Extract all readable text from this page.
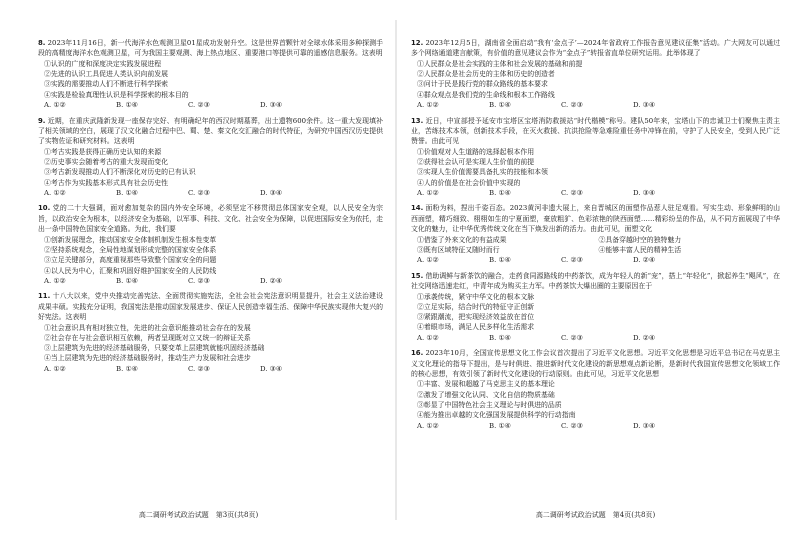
8. 2023年11月16日，新一代海洋水色观测卫星01星成功发射升空。这是世界首颗针对全球水体采用多种探测手段的高精度海洋水色观测卫星，可为我国主要观测、海上热点地区、重要港口等提供可靠的遥感信息服务。这表明
①认识的广度和深度决定实践发展进程
②先进的认识工具促进人类认识向前发展
③实践的需要推动人们不断进行科学探索
④实践是检验真理性认识是科学探索的根本目的
A. ①②	B. ①④	C. ②③	D. ③④
9. 近期，在重庆武隆新发现一座保存完好、有明确纪年的西汉时期墓葬，出土遗物600余件。这一重大发现填补了相关领域的空白，展现了汉文化融合过程中巴、蜀、楚、秦文化交汇融合的时代特征，为研究中国西汉历史提供了实物佐证和研究材料。这表明
①考古实践是获得正确历史认知的来源
②历史事实会随着考古的重大发现而变化
③考古新发现推动人们不断深化对历史的已有认识
④考古作为实践基本形式具有社会历史性
A. ①②	B. ①④	C. ②③	D. ③④
10. 党的二十大强调，面对愈加复杂的国内外安全环境，必须坚定不移贯彻总体国家安全观，以人民安全为宗旨，以政治安全为根本，以经济安全为基础，以军事、科技、文化、社会安全为保障，以促进国际安全为依托，走出一条中国特色国家安全道路。为此，我们要
①创新发展理念，推动国家安全体制机制发生根本性变革
②坚持系统观念，全局性地谋划形成完整的国家安全体系
③立足关键部分，高度重视那些导致整个国家安全的问题
④以人民为中心，汇聚和巩固好维护国家安全的人民防线
A. ①②	B. ①④	C. ②③	D. ②④
11. 十八大以来，党中央推动完善宪法、全面贯彻实施宪法，全社会社会宪法意识明显提升，社会主义法治建设成果丰硕。实践充分证明，我国宪法是推动国家发展进步、保证人民创造幸福生活、保障中华民族实现伟大复兴的好宪法。这表明
①社会意识具有相对独立性，先进的社会意识能推动社会存在的发展
②社会存在与社会意识相互依赖，两者呈现既对立又统一的辩证关系
③上层建筑为先进的经济基础服务，只要变革上层建筑就能巩固经济基础
④当上层建筑为先进的经济基础服务时，推动生产力发展和社会进步
A. ①②	B. ①④	C. ②③	D. ③④
高二调研考试政治试题　第3页(共8页)
12. 2023年12月5日，湖南省全面启动“我有‘金点子’—2024年省政府工作报告意见建议征集”活动。广大网友可以通过多个网络通道建言献策，有价值的意见建议会作为“金点子”转报省直单位研究运用。此举体现了
①人民群众是社会实践的主体和社会发展的基础和前提
②人民群众是社会历史的主体和历史的创造者
③问计于民是践行党的群众路线的基本要求
④群众观点是我们党的生命线和根本工作路线
A. ①②	B. ①④	C. ②③	D. ③④
13. 近日，中宣部授予延安市宝塔区宝塔消防救援站“时代楷模”称号。建队50年来，宝塔山下的忠诚卫士们聚焦主责主业，苦练技术本领，创新技术手段，在灭火救援、抗洪抢险等急难险重任务中冲锋在前，守护了人民安全，受到人民广泛赞誉。由此可见
①价值观对人生道路的选择起根本作用
②获得社会认可是实现人生价值的前提
③实现人生价值需要具备扎实的技能和本领
④人的价值是在社会价值中实现的
A. ①②	B. ①④	C. ②③	D. ③④
14. 面粉为料，捏出千姿百态。2023黄河非遗大展上，来自晋城区的面塑作品惹人驻足观看。写实生动、形象鲜明的山西面塑，精巧细致、栩栩如生的宁夏面塑，豪放粗犷、色彩浓艳的陕西面塑……精彩纷呈的作品，从不同方面展现了中华文化的魅力，让中华优秀传统文化在当下焕发出新的活力。由此可见，面塑文化
①借鉴了外来文化的有益成果	②具备穿越时空的独特魅力
③既有区域特征又随时而行	④能够丰富人民的精神生活
A. ①②	B. ①④	C. ②③	D. ②④
15. 借助调鲜与新茶饮的融合，走药食同源路线的中药茶饮，成为年轻人的新“宠”，搭上“年轻化”，掀起养生“飓风”，在社交网络迅速走红，中青年成为购买主力军。中药茶饮大爆出圈的主要原因在于
①承袭传统，紧守中华文化的根本文脉
②立足实际，结合时代的特征守正创新
③紧跟潮流，把实现经济效益放在首位
④着眼市场，满足人民多样化生活需求
A. ①②	B. ①④	C. ②③	D. ②④
16. 2023年10月，全国宣传思想文化工作会议首次提出了习近平文化思想。习近平文化思想是习近平总书记在马克思主义文化理论的指导下提出，是与时俱进、推进新时代文化建设的新思想观点新论断，是新时代我国宣传思想文化领域工作的核心思想，有效引领了新时代文化建设的行动原则。由此可见，习近平文化思想
①丰富、发展和超越了马克思主义的基本理论
②激发了增强文化认同、文化自信的物质基础
③彰显了中国特色社会主义理论与时俱进的品质
④能为推出卓越的文化强国发展提供科学的行动指南
A. ①②	B. ①④	C. ②③	D. ③④
高二调研考试政治试题　第4页(共8页)
